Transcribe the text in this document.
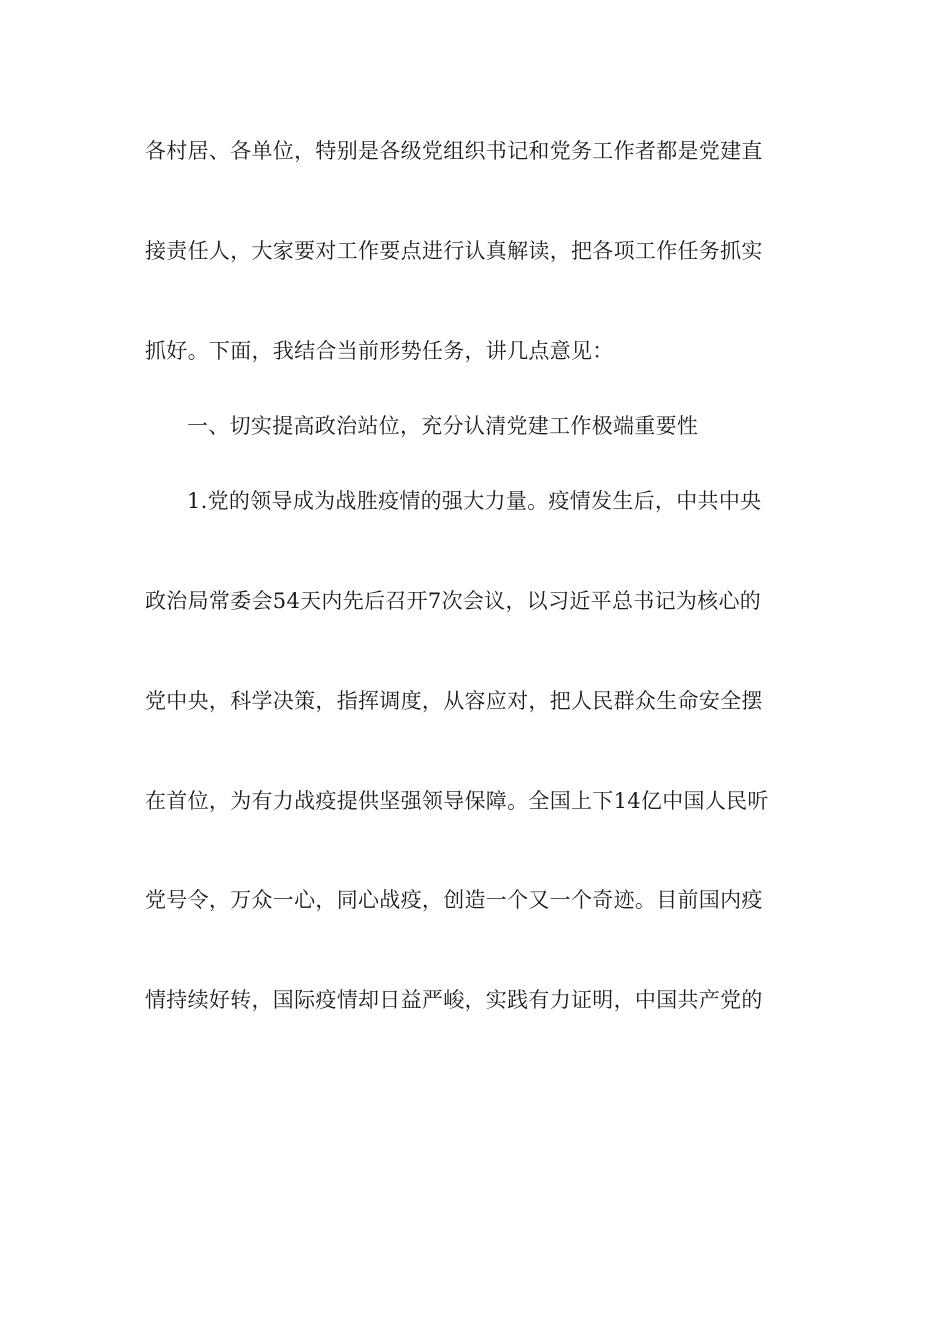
各村居、各单位，特别是各级党组织书记和党务工作者都是党建直
接责任人，大家要对工作要点进行认真解读，把各项工作任务抓实
抓好。下面，我结合当前形势任务，讲几点意见：
一、切实提高政治站位，充分认清党建工作极端重要性
1.党的领导成为战胜疫情的强大力量。疫情发生后，中共中央
政治局常委会54天内先后召开7次会议，以习近平总书记为核心的
党中央，科学决策，指挥调度，从容应对，把人民群众生命安全摆
在首位，为有力战疫提供坚强领导保障。全国上下14亿中国人民听
党号令，万众一心，同心战疫，创造一个又一个奇迹。目前国内疫
情持续好转，国际疫情却日益严峻，实践有力证明，中国共产党的
